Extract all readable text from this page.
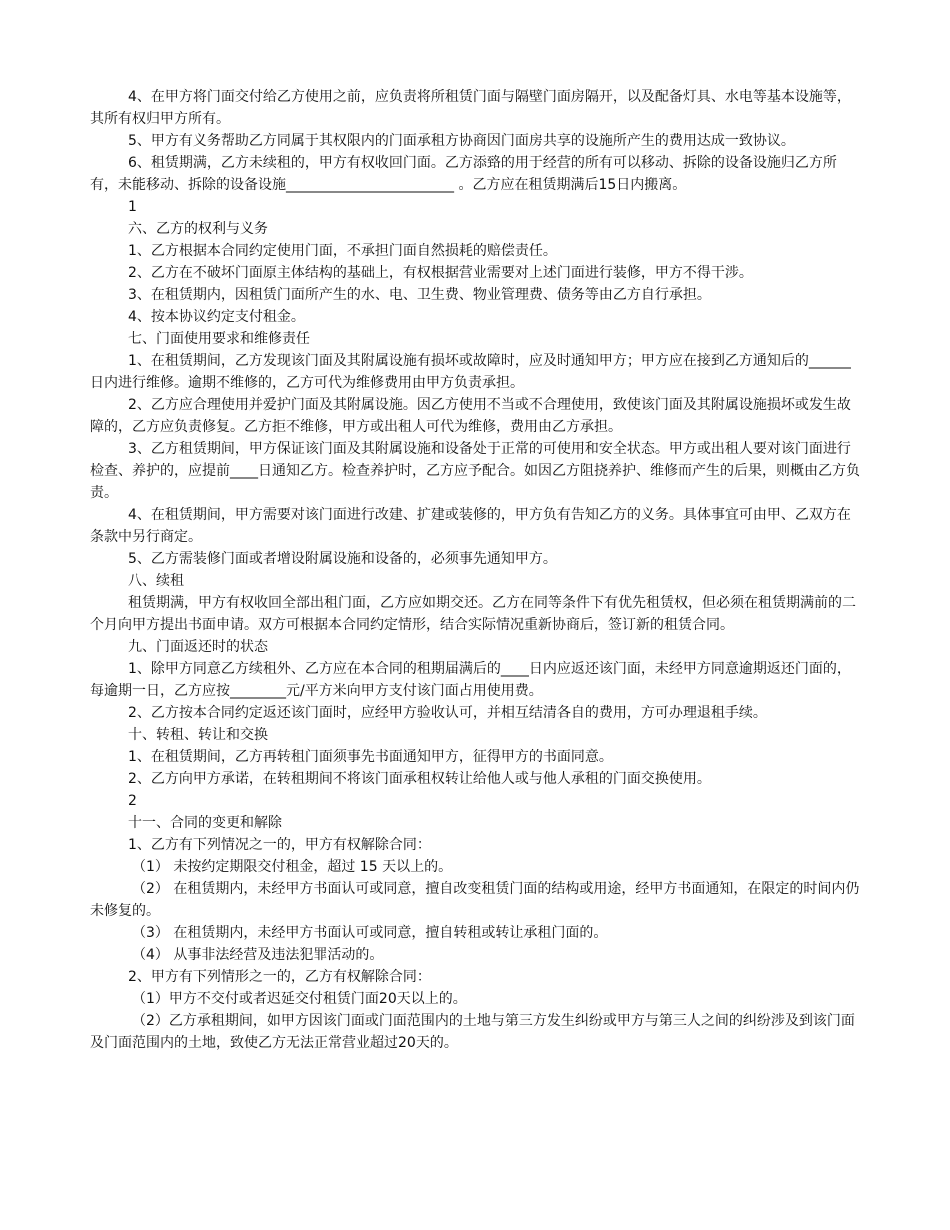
4、在甲方将门面交付给乙方使用之前，应负责将所租赁门面与隔壁门面房隔开，以及配备灯具、水电等基本设施等，其所有权归甲方所有。

5、甲方有义务帮助乙方同属于其权限内的门面承租方协商因门面房共享的设施所产生的费用达成一致协议。

6、租赁期满，乙方未续租的，甲方有权收回门面。乙方添臵的用于经营的所有可以移动、拆除的设备设施归乙方所有，未能移动、拆除的设备设施________________________ 。乙方应在租赁期满后15日内搬离。

1

六、乙方的权利与义务

1、乙方根据本合同约定使用门面，不承担门面自然损耗的赔偿责任。

2、乙方在不破坏门面原主体结构的基础上，有权根据营业需要对上述门面进行装修，甲方不得干涉。

3、在租赁期内，因租赁门面所产生的水、电、卫生费、物业管理费、债务等由乙方自行承担。

4、按本协议约定支付租金。

七、门面使用要求和维修责任

1、在租赁期间，乙方发现该门面及其附属设施有损坏或故障时，应及时通知甲方；甲方应在接到乙方通知后的______日内进行维修。逾期不维修的，乙方可代为维修费用由甲方负责承担。

2、乙方应合理使用并爱护门面及其附属设施。因乙方使用不当或不合理使用，致使该门面及其附属设施损坏或发生故障的，乙方应负责修复。乙方拒不维修，甲方或出租人可代为维修，费用由乙方承担。

3、乙方租赁期间，甲方保证该门面及其附属设施和设备处于正常的可使用和安全状态。甲方或出租人要对该门面进行检查、养护的，应提前____日通知乙方。检查养护时，乙方应予配合。如因乙方阻挠养护、维修而产生的后果，则概由乙方负责。

4、在租赁期间，甲方需要对该门面进行改建、扩建或装修的，甲方负有告知乙方的义务。具体事宜可由甲、乙双方在条款中另行商定。

5、乙方需装修门面或者增设附属设施和设备的，必须事先通知甲方。

八、续租

租赁期满，甲方有权收回全部出租门面，乙方应如期交还。乙方在同等条件下有优先租赁权，但必须在租赁期满前的二个月向甲方提出书面申请。双方可根据本合同约定情形，结合实际情况重新协商后，签订新的租赁合同。

九、门面返还时的状态

1、除甲方同意乙方续租外、乙方应在本合同的租期届满后的____日内应返还该门面，未经甲方同意逾期返还门面的，每逾期一日，乙方应按________元/平方米向甲方支付该门面占用使用费。

2、乙方按本合同约定返还该门面时，应经甲方验收认可，并相互结清各自的费用，方可办理退租手续。

十、转租、转让和交换

1、在租赁期间，乙方再转租门面须事先书面通知甲方，征得甲方的书面同意。

2、乙方向甲方承诺，在转租期间不将该门面承租权转让给他人或与他人承租的门面交换使用。

2

十一、合同的变更和解除

1、乙方有下列情况之一的，甲方有权解除合同：

（1） 未按约定期限交付租金，超过 15 天以上的。

（2） 在租赁期内，未经甲方书面认可或同意，擅自改变租赁门面的结构或用途，经甲方书面通知，在限定的时间内仍未修复的。

（3） 在租赁期内，未经甲方书面认可或同意，擅自转租或转让承租门面的。

（4） 从事非法经营及违法犯罪活动的。

2、甲方有下列情形之一的，乙方有权解除合同：

（1）甲方不交付或者迟延交付租赁门面20天以上的。

（2）乙方承租期间，如甲方因该门面或门面范围内的土地与第三方发生纠纷或甲方与第三人之间的纠纷涉及到该门面及门面范围内的土地，致使乙方无法正常营业超过20天的。
